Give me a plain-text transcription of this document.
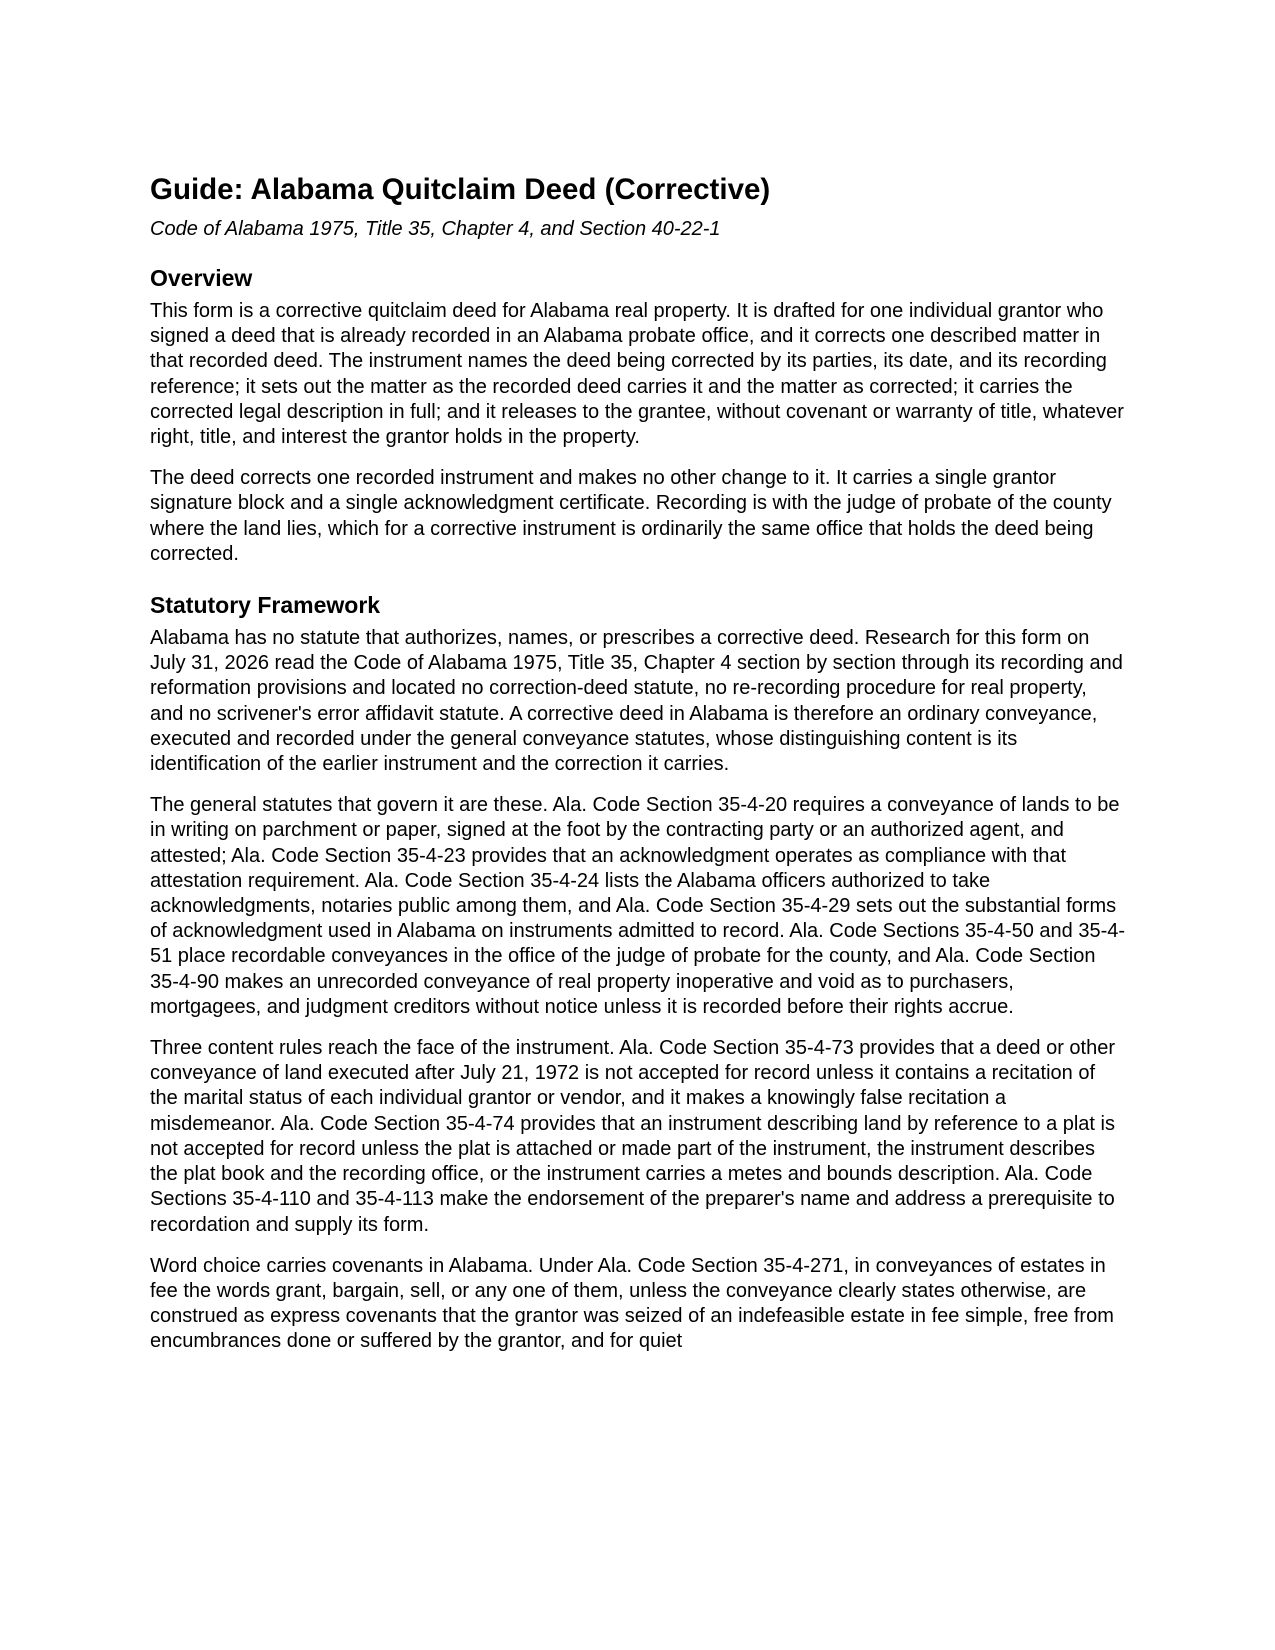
Guide: Alabama Quitclaim Deed (Corrective)
Code of Alabama 1975, Title 35, Chapter 4, and Section 40-22-1
Overview

This form is a corrective quitclaim deed for Alabama real property. It is drafted for one individual grantor who signed a deed that is already recorded in an Alabama probate office, and it corrects one described matter in that recorded deed. The instrument names the deed being corrected by its parties, its date, and its recording reference; it sets out the matter as the recorded deed carries it and the matter as corrected; it carries the corrected legal description in full; and it releases to the grantee, without covenant or warranty of title, whatever right, title, and interest the grantor holds in the property.

The deed corrects one recorded instrument and makes no other change to it. It carries a single grantor signature block and a single acknowledgment certificate. Recording is with the judge of probate of the county where the land lies, which for a corrective instrument is ordinarily the same office that holds the deed being corrected.

Statutory Framework

Alabama has no statute that authorizes, names, or prescribes a corrective deed. Research for this form on July 31, 2026 read the Code of Alabama 1975, Title 35, Chapter 4 section by section through its recording and reformation provisions and located no correction-deed statute, no re-recording procedure for real property, and no scrivener's error affidavit statute. A corrective deed in Alabama is therefore an ordinary conveyance, executed and recorded under the general conveyance statutes, whose distinguishing content is its identification of the earlier instrument and the correction it carries.

The general statutes that govern it are these. Ala. Code Section 35-4-20 requires a conveyance of lands to be in writing on parchment or paper, signed at the foot by the contracting party or an authorized agent, and attested; Ala. Code Section 35-4-23 provides that an acknowledgment operates as compliance with that attestation requirement. Ala. Code Section 35-4-24 lists the Alabama officers authorized to take acknowledgments, notaries public among them, and Ala. Code Section 35-4-29 sets out the substantial forms of acknowledgment used in Alabama on instruments admitted to record. Ala. Code Sections 35-4-50 and 35-4-51 place recordable conveyances in the office of the judge of probate for the county, and Ala. Code Section 35-4-90 makes an unrecorded conveyance of real property inoperative and void as to purchasers, mortgagees, and judgment creditors without notice unless it is recorded before their rights accrue.

Three content rules reach the face of the instrument. Ala. Code Section 35-4-73 provides that a deed or other conveyance of land executed after July 21, 1972 is not accepted for record unless it contains a recitation of the marital status of each individual grantor or vendor, and it makes a knowingly false recitation a misdemeanor. Ala. Code Section 35-4-74 provides that an instrument describing land by reference to a plat is not accepted for record unless the plat is attached or made part of the instrument, the instrument describes the plat book and the recording office, or the instrument carries a metes and bounds description. Ala. Code Sections 35-4-110 and 35-4-113 make the endorsement of the preparer's name and address a prerequisite to recordation and supply its form.

Word choice carries covenants in Alabama. Under Ala. Code Section 35-4-271, in conveyances of estates in fee the words grant, bargain, sell, or any one of them, unless the conveyance clearly states otherwise, are construed as express covenants that the grantor was seized of an indefeasible estate in fee simple, free from encumbrances done or suffered by the grantor, and for quiet
